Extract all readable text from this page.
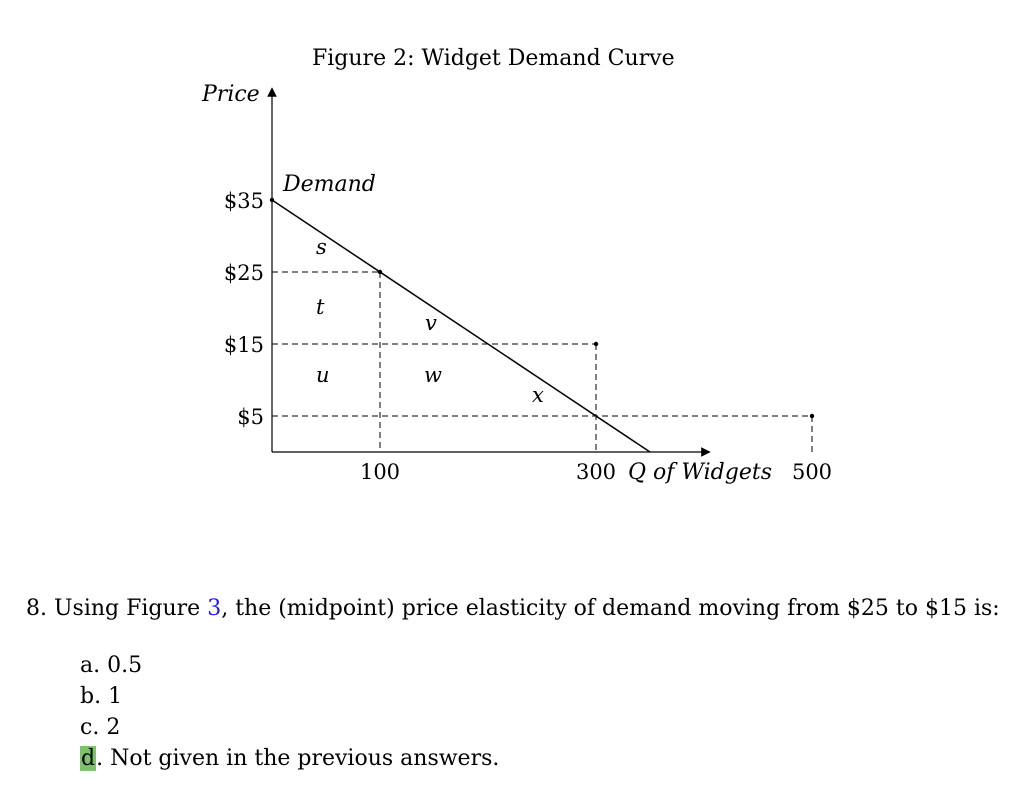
Figure 2: Widget Demand Curve
$35
$25
$15
$5
100	300	500
Price
Q of Widgets
Demand
s
t
u
v
w
x
8. Using Figure 3, the (midpoint) price elasticity of demand moving from $25 to $15 is:
a. 0.5
b. 1
c. 2
d. Not given in the previous answers.
